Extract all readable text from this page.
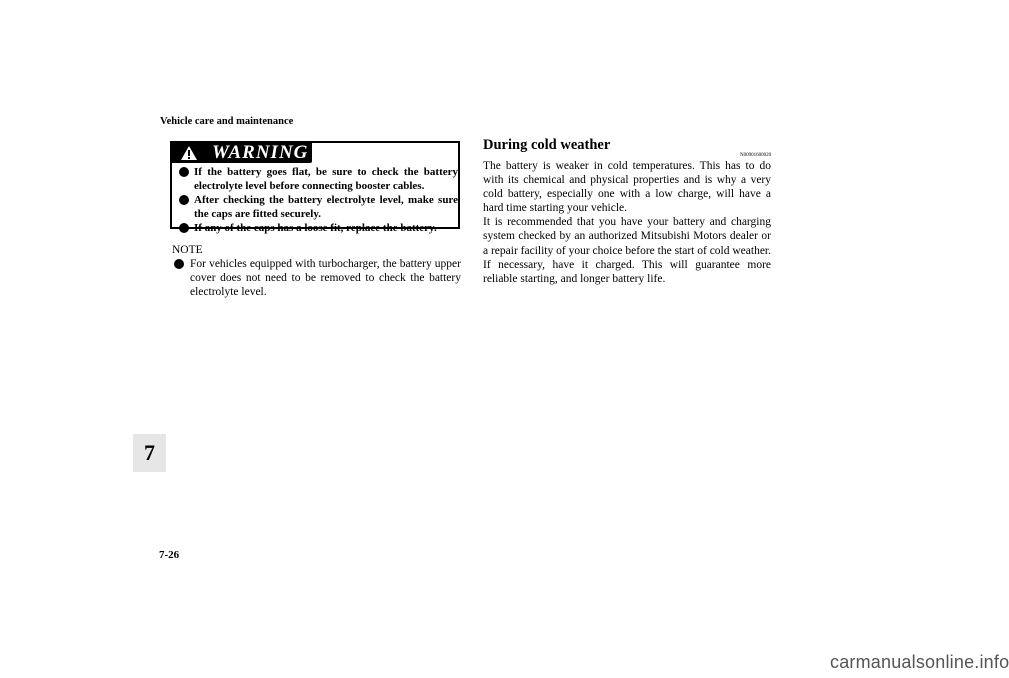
Vehicle care and maintenance
7
WARNING
If the battery goes flat, be sure to check the battery electrolyte level before connecting booster cables.
After checking the battery electrolyte level, make sure the caps are fitted securely.
If any of the caps has a loose fit, replace the battery.
NOTE
For vehicles equipped with turbocharger, the battery upper cover does not need to be removed to check the battery electrolyte level.
During cold weather
N00901600020

The battery is weaker in cold temperatures. This has to do with its chemical and physical properties and is why a very cold battery, especially one with a low charge, will have a hard time starting your vehicle.

It is recommended that you have your battery and charging system checked by an authorized Mitsubishi Motors dealer or a repair facility of your choice before the start of cold weather. If necessary, have it charged. This will guarantee more reliable starting, and longer battery life.

7-26
carmanualsonline.info
